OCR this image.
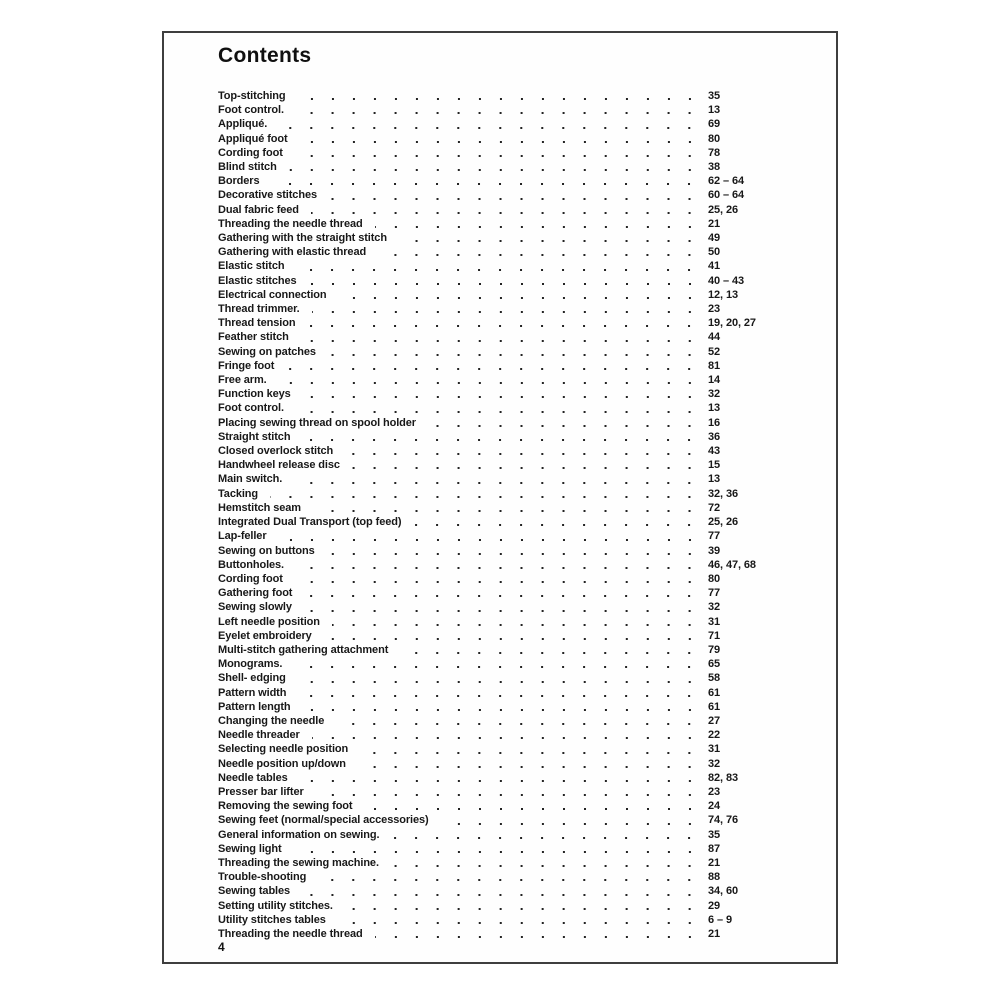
Contents
Top-stitching	35
Foot control.	13
Appliqué.	69
Appliqué foot	80
Cording foot	78
Blind stitch	38
Borders	62 – 64
Decorative stitches	60 – 64
Dual fabric feed	25, 26
Threading the needle thread	21
Gathering with the straight stitch	49
Gathering with elastic thread	50
Elastic stitch	41
Elastic stitches	40 – 43
Electrical connection	12, 13
Thread trimmer.	23
Thread tension	19, 20, 27
Feather stitch	44
Sewing on patches	52
Fringe foot	81
Free arm.	14
Function keys	32
Foot control.	13
Placing sewing thread on spool holder	16
Straight stitch	36
Closed overlock stitch	43
Handwheel release disc	15
Main switch.	13
Tacking	32, 36
Hemstitch seam	72
Integrated Dual Transport (top feed)	25, 26
Lap-feller	77
Sewing on buttons	39
Buttonholes.	46, 47, 68
Cording foot	80
Gathering foot	77
Sewing slowly	32
Left needle position	31
Eyelet embroidery	71
Multi-stitch gathering attachment	79
Monograms.	65
Shell- edging	58
Pattern width	61
Pattern length	61
Changing the needle	27
Needle threader	22
Selecting needle position	31
Needle position up/down	32
Needle tables	82, 83
Presser bar lifter	23
Removing the sewing foot	24
Sewing feet (normal/special accessories)	74, 76
General information on sewing.	35
Sewing light	87
Threading the sewing machine.	21
Trouble-shooting	88
Sewing tables	34, 60
Setting utility stitches.	29
Utility stitches tables	6 – 9
Threading the needle thread	21
4
